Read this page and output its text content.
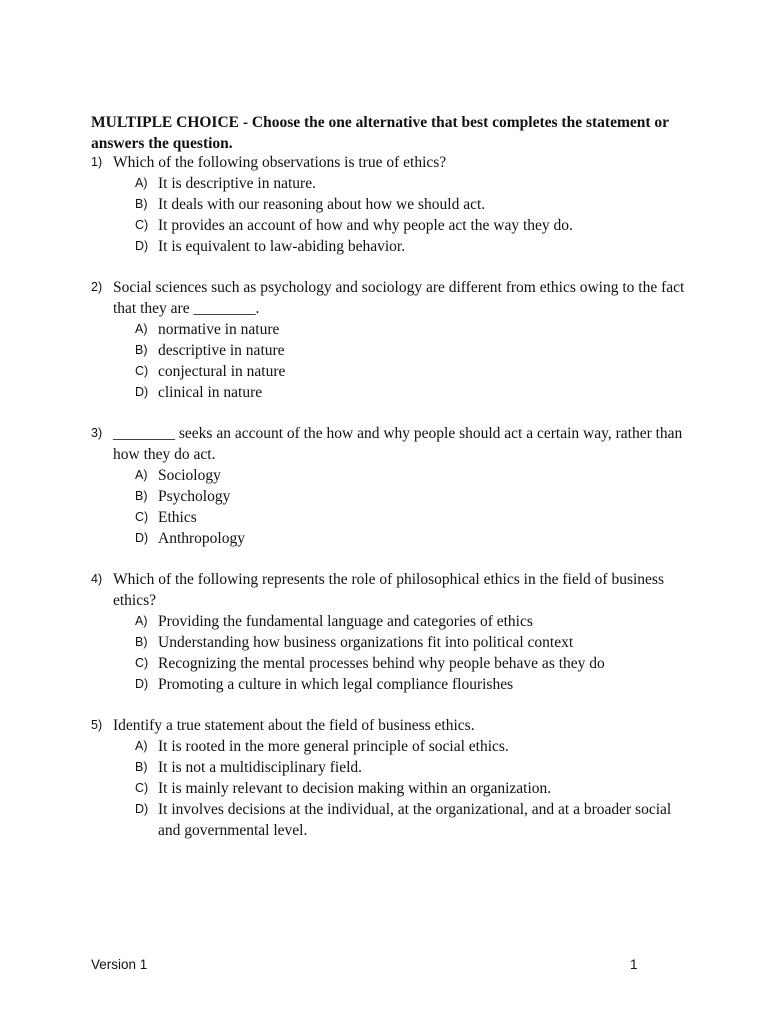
MULTIPLE CHOICE - Choose the one alternative that best completes the statement or answers the question.
1) Which of the following observations is true of ethics?
A) It is descriptive in nature.
B) It deals with our reasoning about how we should act.
C) It provides an account of how and why people act the way they do.
D) It is equivalent to law-abiding behavior.
2) Social sciences such as psychology and sociology are different from ethics owing to the fact that they are ________.
A) normative in nature
B) descriptive in nature
C) conjectural in nature
D) clinical in nature
3) ________ seeks an account of the how and why people should act a certain way, rather than how they do act.
A) Sociology
B) Psychology
C) Ethics
D) Anthropology
4) Which of the following represents the role of philosophical ethics in the field of business ethics?
A) Providing the fundamental language and categories of ethics
B) Understanding how business organizations fit into political context
C) Recognizing the mental processes behind why people behave as they do
D) Promoting a culture in which legal compliance flourishes
5) Identify a true statement about the field of business ethics.
A) It is rooted in the more general principle of social ethics.
B) It is not a multidisciplinary field.
C) It is mainly relevant to decision making within an organization.
D) It involves decisions at the individual, at the organizational, and at a broader social and governmental level.
Version 1	1
